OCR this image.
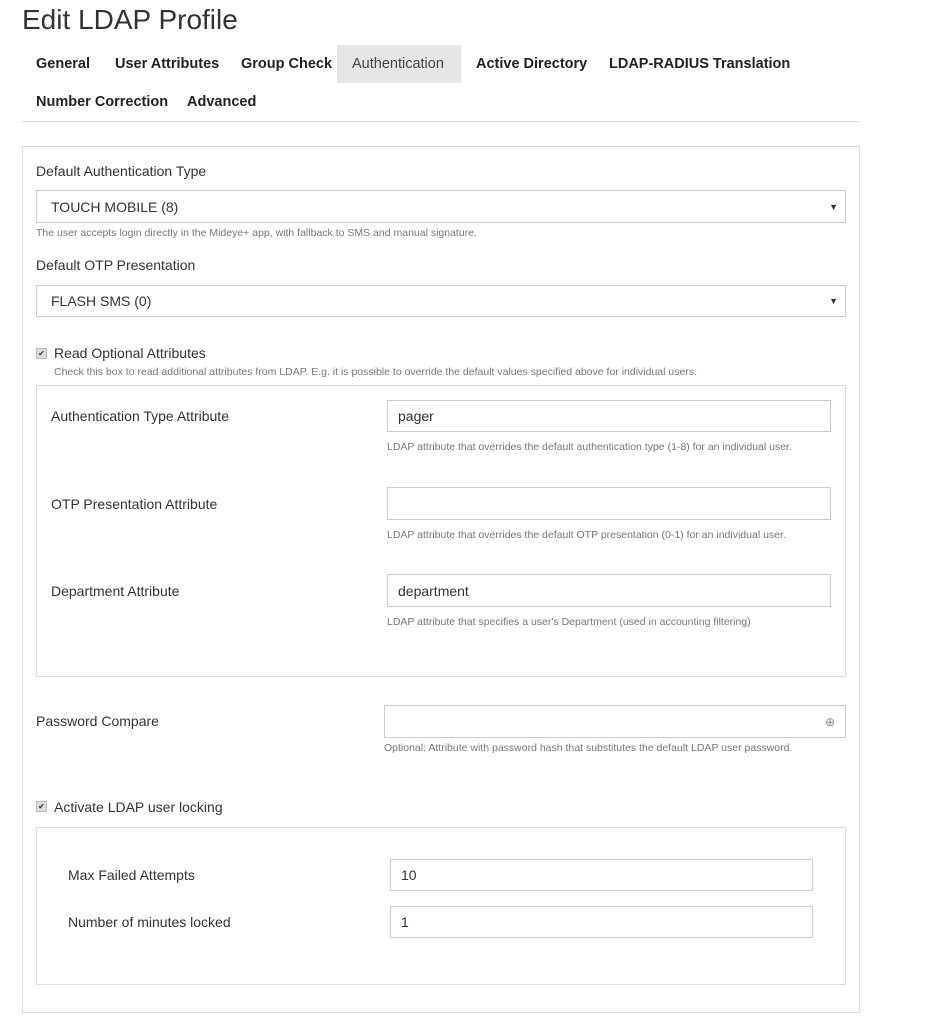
Edit LDAP Profile
General	User Attributes	Group Check	Authentication	Active Directory	LDAP-RADIUS Translation
Number Correction	Advanced
Default Authentication Type
TOUCH MOBILE (8)	▼
The user accepts login directly in the Mideye+ app, with fallback to SMS and manual signature.
Default OTP Presentation
FLASH SMS (0)	▼
✔ Read Optional Attributes
Check this box to read additional attributes from LDAP. E.g. it is possible to override the default values specified above for individual users.
Authentication Type Attribute	pager
LDAP attribute that overrides the default authentication type (1-8) for an individual user.
OTP Presentation Attribute
LDAP attribute that overrides the default OTP presentation (0-1) for an individual user.
Department Attribute	department
LDAP attribute that specifies a user's Department (used in accounting filtering)
Password Compare	⊕
Optional: Attribute with password hash that substitutes the default LDAP user password.
✔ Activate LDAP user locking
Max Failed Attempts	10
Number of minutes locked	1
